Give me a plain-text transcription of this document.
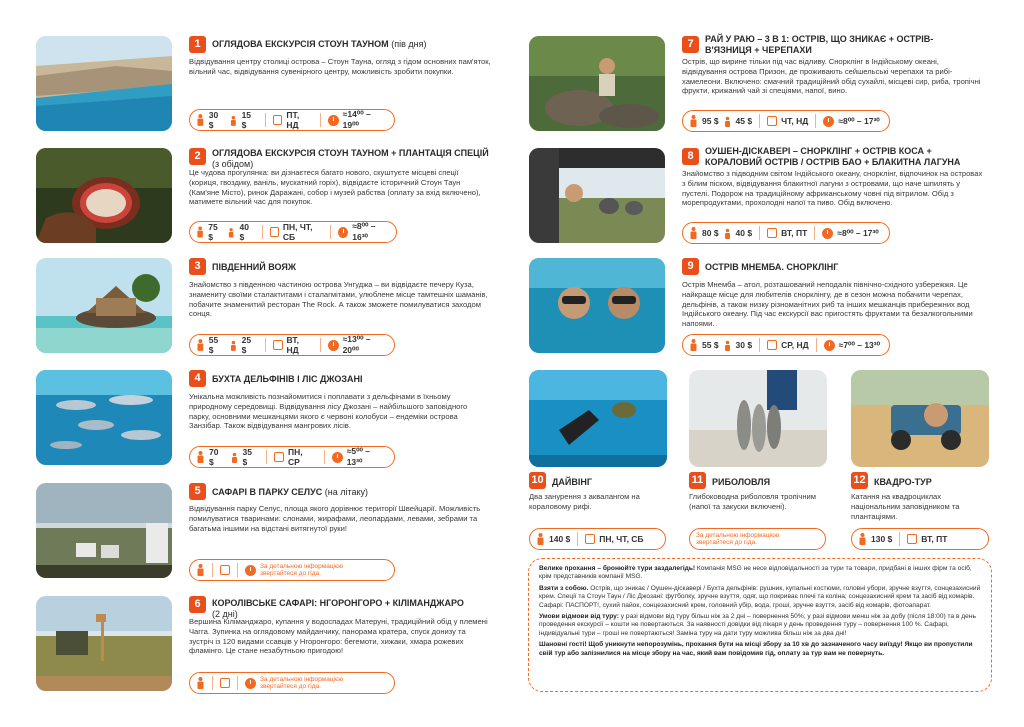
1	ОГЛЯДОВА ЕКСКУРСІЯ СТОУН ТАУНОМ (пів дня)
Відвідування центру столиці острова – Стоун Тауна, огляд з гідом основних пам'яток, вільний час, відвідування сувенірного центру, можливість зробити покупки.
30 $
15 $
ПТ, НД
≈14⁰⁰ – 19⁰⁰
2	ОГЛЯДОВА ЕКСКУРСІЯ СТОУН ТАУНОМ + ПЛАНТАЦІЯ СПЕЦІЙ
(з обідом)
Це чудова прогулянка: ви дізнаєтеся багато нового, скуштуєте місцеві спеції (кориця, гвоздику, ваніль, мускатний горіх), відвідаєте історичний Стоун Таун (Кам'яне Місто), ринок Даражані, собор і музей рабства (оплату за вхід включено), матимете вільний час для покупок.
75 $
40 $
ПН, ЧТ, СБ
≈8⁰⁰ – 16³⁰
3	ПІВДЕННИЙ ВОЯЖ
Знайомство з південною частиною острова Унгуджа – ви відвідаєте печеру Куза, знамениту своїми сталактитами і сталагмітами, улюблене місце тамтешніх шаманів, побачите знаменитий ресторан The Rock. А також зможете помилуватися заходом сонця.
55 $
25 $
ВТ, НД
≈13⁰⁰ – 20⁰⁰
4	БУХТА ДЕЛЬФІНІВ І ЛІС ДЖОЗАНІ
Унікальна можливість познайомитися і поплавати з дельфінами в їхньому природному середовищі. Відвідування лісу Джозані – найбільшого заповідного парку, основними мешканцями якого є червоні колобуси – ендеміки острова Занзібар. Також відвідування мангрових лісів.
70 $
35 $
ПН, СР
≈5⁰⁰ – 13³⁰
5	САФАРІ В ПАРКУ СЕЛУС (на літаку)
Відвідування парку Селус, площа якого дорівнює території Швейцарії. Можливість помилуватися тваринами: слонами, жирафами, леопардами, левами, зебрами та багатьма іншими на відстані витягнутої руки!
За детальною інформацією звертайтеся до гіда.
6	КОРОЛІВСЬКЕ САФАРІ: НГОРОНГОРО + КІЛІМАНДЖАРО
(2 дні)
Вершина Кіліманджаро, купання у водоспадах Матеруні, традиційний обід у племені Чагга. Зупинка на оглядовому майданчику, панорама кратера, спуск донизу та зустріч із 120 видами ссавців у Нгоронгоро: бегемоти, хижаки, хмара рожевих фламінго. Це стане незабутньою пригодою!
За детальною інформацією звертайтеся до гіда.
7	РАЙ У РАЮ – 3 В 1: ОСТРІВ, ЩО ЗНИКАЄ + ОСТРІВ-В'ЯЗНИЦЯ + ЧЕРЕПАХИ
Острів, що вирине тільки під час відливу. Снорклінг в Індійському океані, відвідування острова Призон, де проживають сейшельські черепахи та рибі-хамелеони. Включено: смачний традиційний обід сухайлі, місцеві сир, риба, тропічні фрукти, крижаний чай зі спеціями, напої, вино.
95 $ 45 $	ЧТ, НД	≈8⁰⁰ – 17³⁰
8	ОУШЕН-ДІСКАВЕРІ – СНОРКЛІНГ + ОСТРІВ КОСА + КОРАЛОВИЙ ОСТРІВ / ОСТРІВ БАО + БЛАКИТНА ЛАГУНА
Знайомство з підводним світом Індійського океану, снорклінг, відпочинок на островах з білим піском, відвідування блакитної лагуни з островами, що наче шпилять у пустелі. Подорож на традиційному африканському човні під вітрилом. Обід з морепродуктами, прохолодні напої та пиво. Обід включено.
80 $ 40 $	ВТ, ПТ	≈8⁰⁰ – 17³⁰
9	ОСТРІВ МНЕМБА. СНОРКЛІНГ
Острів Мнемба – атол, розташований неподалік північно-східного узбережжя. Це найкраще місце для любителів снорклінгу, де в сезон можна побачити черепах, дельфінів, а також низку різноманітних риб та інших мешканців прибережних вод Індійського океану. Під час екскурсії вас пригостять фруктами та безалкогольними напоями.
55 $ 30 $	СР, НД	≈7⁰⁰ – 13³⁰
10 ДАЙВІНГ
Два занурення з аквалангом на кораловому рифі.
140 $	ПН, ЧТ, СБ
11 РИБОЛОВЛЯ
Глибоководна риболовля тропічним (напої та закуски включені).
За детальною інформацією звертайтеся до гіда.
12 КВАДРО-ТУР
Катання на квадроциклах національним заповідником та плантаціями.
130 $	ВТ, ПТ

Велике прохання – бронюйте тури заздалегідь! Компанія MSG не несе відповідальності за тури та товари, придбані в інших фірм та осіб, крім представників компанії MSG.

Взяти з собою. Острів, що зникає / Оушен-діскавері / Бухта дельфінів: рушник, купальні костюми, головні убори, зручне взуття, сонцезахисний крем. Спеції та Стоун Таун / Ліс Джозані: футболку, зручне взуття, одяг, що покриває плечі та коліна; сонцезахисний крем та засіб від комарів. Сафарі: ПАСПОРТ!, сухий пайок, сонцезахисний крем, головний убір, вода, гроші, зручне взуття, засіб від комарів, фотоапарат.

Умови відмови від туру: у разі відмови від туру більш ніж за 2 дні – повернення 50%; у разі відмови менш ніж за добу (після 18:00) та в день проведення екскурсії – кошти не повертаються. За наявності довідки від лікаря у день проведення туру – повернення 100 %. Сафарі, індивідуальні тури – гроші не повертаються! Заміна туру на дати туру можлива більш ніж за два дні!

Шановні гості! Щоб уникнути непорозумінь, прохання бути на місці збору за 10 хв до зазначеного часу виїзду! Якщо ви пропустили свій тур або запізнилися на місце збору на час, який вам повідомив гід, оплату за тур вам не повернуть.
